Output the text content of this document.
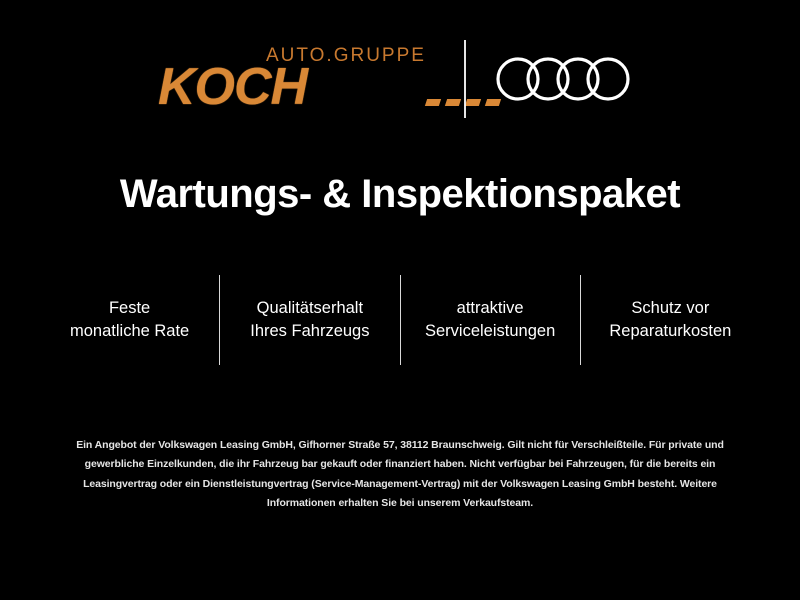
AUTO.GRUPPE
KOCH
Wartungs- & Inspektionspaket
Feste
monatliche Rate
Qualitätserhalt
Ihres Fahrzeugs
attraktive
Serviceleistungen
Schutz vor
Reparaturkosten
Ein Angebot der Volkswagen Leasing GmbH, Gifhorner Straße 57, 38112 Braunschweig. Gilt nicht für Verschleißteile. Für private und gewerbliche Einzelkunden, die ihr Fahrzeug bar gekauft oder finanziert haben. Nicht verfügbar bei Fahrzeugen, für die bereits ein Leasingvertrag oder ein Dienstleistungvertrag (Service-Management-Vertrag) mit der Volkswagen Leasing GmbH besteht. Weitere Informationen erhalten Sie bei unserem Verkaufsteam.
